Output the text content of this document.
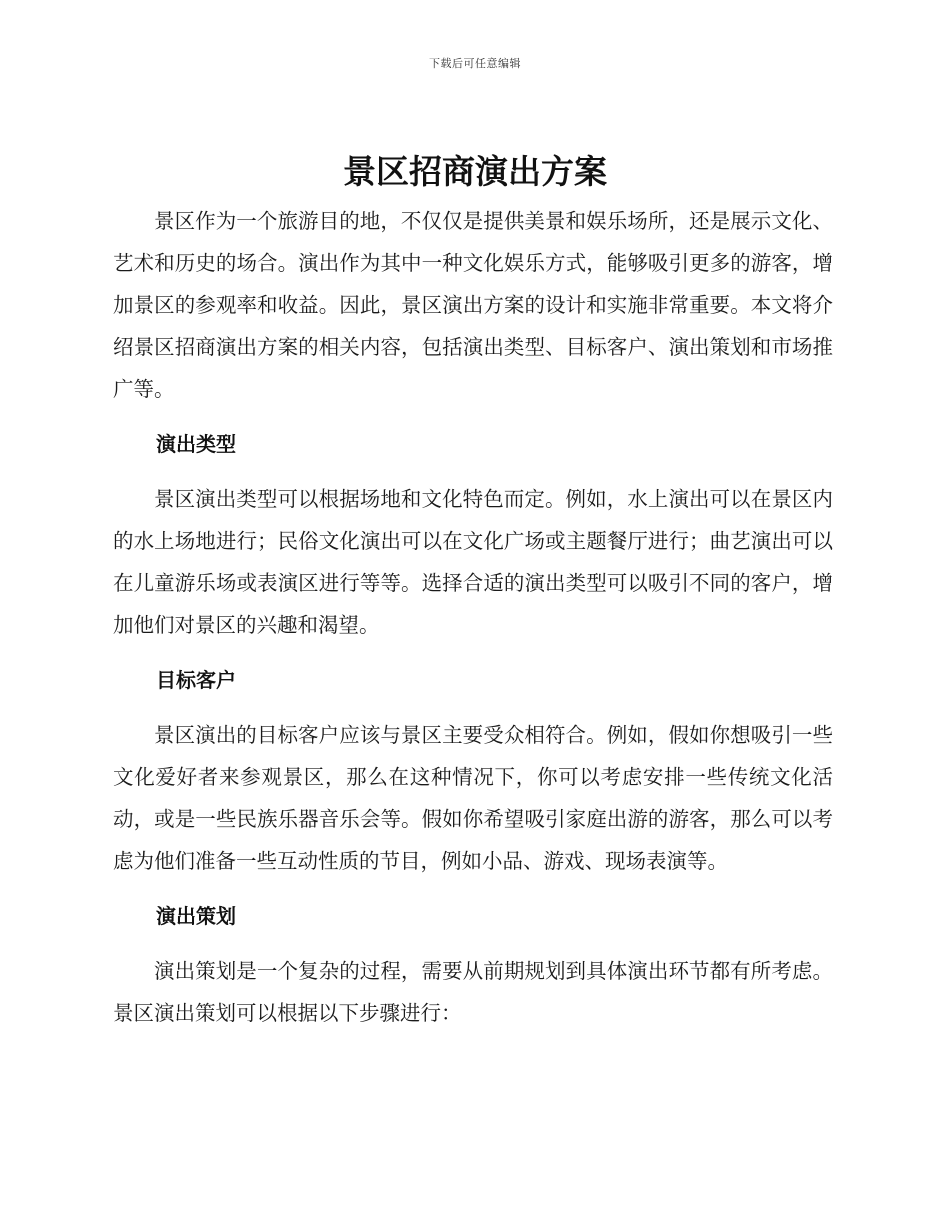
下载后可任意编辑
景区招商演出方案

景区作为一个旅游目的地，不仅仅是提供美景和娱乐场所，还是展示文化、艺术和历史的场合。演出作为其中一种文化娱乐方式，能够吸引更多的游客，增加景区的参观率和收益。因此，景区演出方案的设计和实施非常重要。本文将介绍景区招商演出方案的相关内容，包括演出类型、目标客户、演出策划和市场推广等。

演出类型

景区演出类型可以根据场地和文化特色而定。例如，水上演出可以在景区内的水上场地进行；民俗文化演出可以在文化广场或主题餐厅进行；曲艺演出可以在儿童游乐场或表演区进行等等。选择合适的演出类型可以吸引不同的客户，增加他们对景区的兴趣和渴望。

目标客户

景区演出的目标客户应该与景区主要受众相符合。例如，假如你想吸引一些文化爱好者来参观景区，那么在这种情况下，你可以考虑安排一些传统文化活动，或是一些民族乐器音乐会等。假如你希望吸引家庭出游的游客，那么可以考虑为他们准备一些互动性质的节目，例如小品、游戏、现场表演等。

演出策划

演出策划是一个复杂的过程，需要从前期规划到具体演出环节都有所考虑。景区演出策划可以根据以下步骤进行：
